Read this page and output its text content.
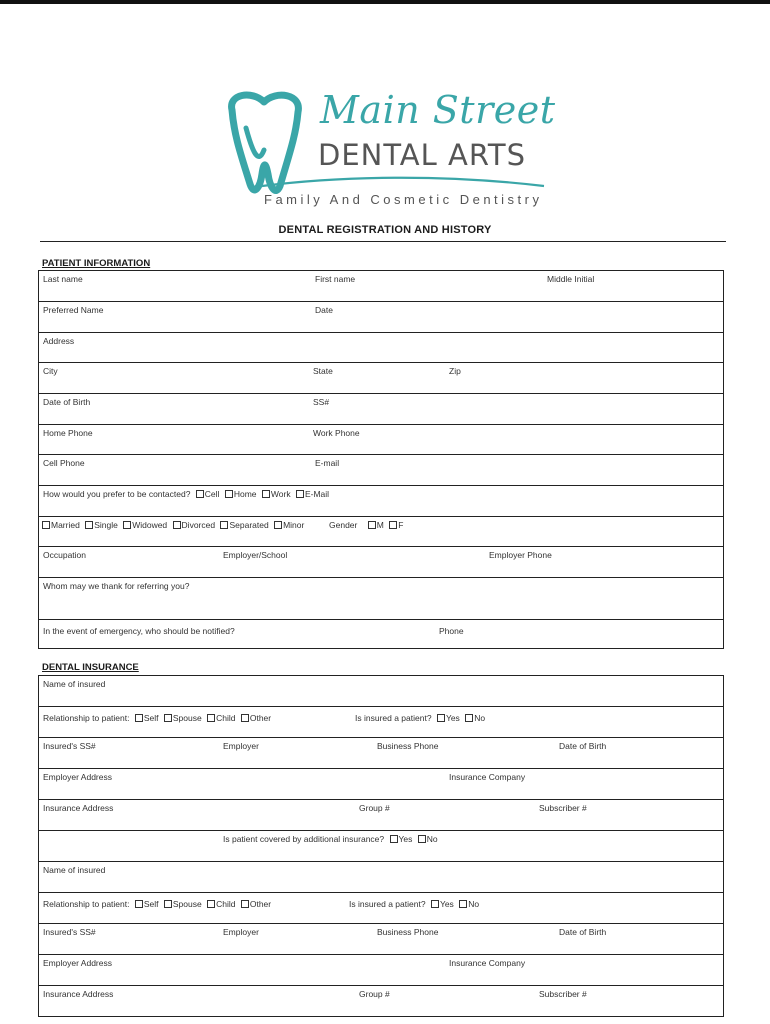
Main Street
DENTAL ARTS
Family And Cosmetic Dentistry
DENTAL REGISTRATION AND HISTORY
PATIENT INFORMATION
Last name	First name	Middle Initial
Preferred Name	Date
Address
City	State	Zip
Date of Birth	SS#
Home Phone	Work Phone
Cell Phone	E-mail
How would you prefer to be contacted? Cell Home Work E-Mail
Married Single Widowed Divorced Separated Minor	Gender M F
Occupation	Employer/School	Employer Phone
Whom may we thank for referring you?
In the event of emergency, who should be notified?	Phone
DENTAL INSURANCE
Name of insured
Relationship to patient: Self Spouse Child Other	Is insured a patient? Yes No
Insured's SS#	Employer	Business Phone	Date of Birth
Employer Address	Insurance Company
Insurance Address	Group #	Subscriber #
Is patient covered by additional insurance? Yes No
Name of insured
Relationship to patient: Self Spouse Child Other	Is insured a patient? Yes No
Insured's SS#	Employer	Business Phone	Date of Birth
Employer Address	Insurance Company
Insurance Address	Group #	Subscriber #
